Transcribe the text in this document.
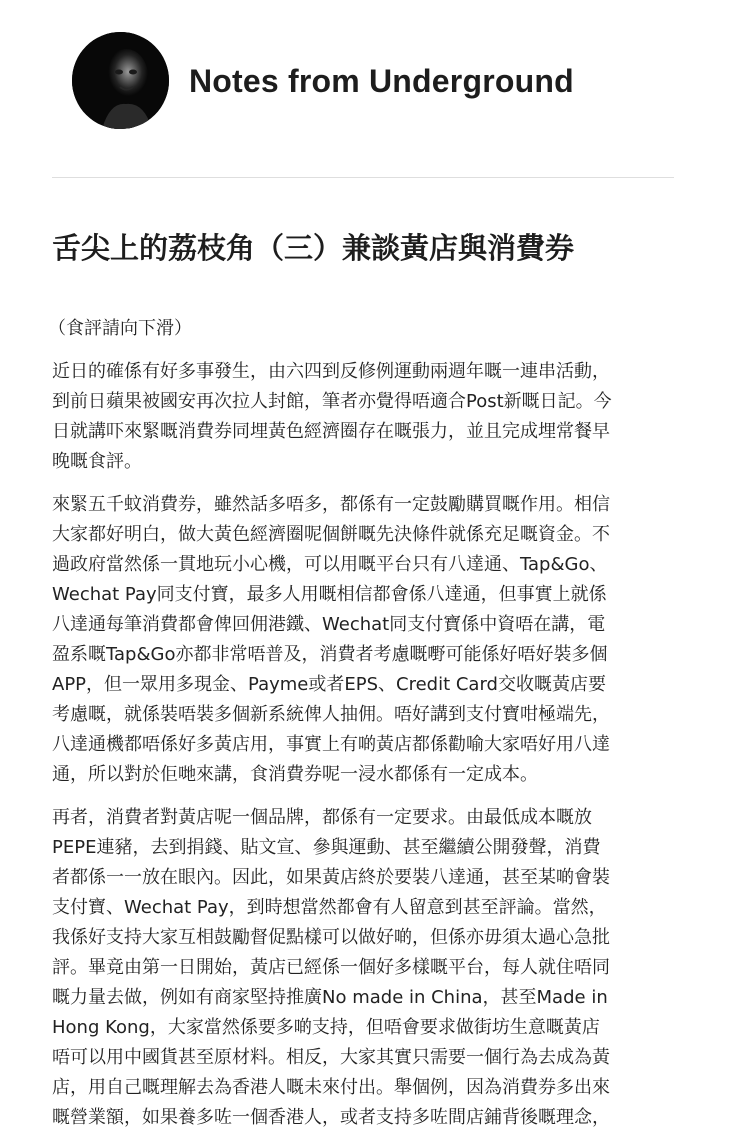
Notes from Underground
舌尖上的荔枝角（三）兼談黃店與消費券

（食評請向下滑）

近日的確係有好多事發生，由六四到反修例運動兩週年嘅一連串活動，
到前日蘋果被國安再次拉人封館，筆者亦覺得唔適合Post新嘅日記。今
日就講吓來緊嘅消費券同埋黃色經濟圈存在嘅張力，並且完成埋常餐早
晚嘅食評。

來緊五千蚊消費券，雖然話多唔多，都係有一定鼓勵購買嘅作用。相信
大家都好明白，做大黃色經濟圈呢個餅嘅先決條件就係充足嘅資金。不
過政府當然係一貫地玩小心機，可以用嘅平台只有八達通、Tap&Go、
Wechat Pay同支付寶，最多人用嘅相信都會係八達通，但事實上就係
八達通每筆消費都會俾回佣港鐵、Wechat同支付寶係中資唔在講，電
盈系嘅Tap&Go亦都非常唔普及，消費者考慮嘅嘢可能係好唔好裝多個
APP，但一眾用多現金、Payme或者EPS、Credit Card交收嘅黃店要
考慮嘅，就係裝唔裝多個新系統俾人抽佣。唔好講到支付寶咁極端先，
八達通機都唔係好多黃店用，事實上有啲黃店都係勸喻大家唔好用八達
通，所以對於佢哋來講，食消費券呢一浸水都係有一定成本。

再者，消費者對黃店呢一個品牌，都係有一定要求。由最低成本嘅放
PEPE連豬，去到捐錢、貼文宣、參與運動、甚至繼續公開發聲，消費
者都係一一放在眼內。因此，如果黃店終於要裝八達通，甚至某啲會裝
支付寶、Wechat Pay，到時想當然都會有人留意到甚至評論。當然，
我係好支持大家互相鼓勵督促點樣可以做好啲，但係亦毋須太過心急批
評。畢竟由第一日開始，黃店已經係一個好多樣嘅平台，每人就住唔同
嘅力量去做，例如有商家堅持推廣No made in China，甚至Made in
Hong Kong，大家當然係要多啲支持，但唔會要求做街坊生意嘅黃店
唔可以用中國貨甚至原材料。相反，大家其實只需要一個行為去成為黃
店，用自己嘅理解去為香港人嘅未來付出。舉個例，因為消費券多出來
嘅營業額，如果養多咗一個香港人，或者支持多咗間店鋪背後嘅理念，
